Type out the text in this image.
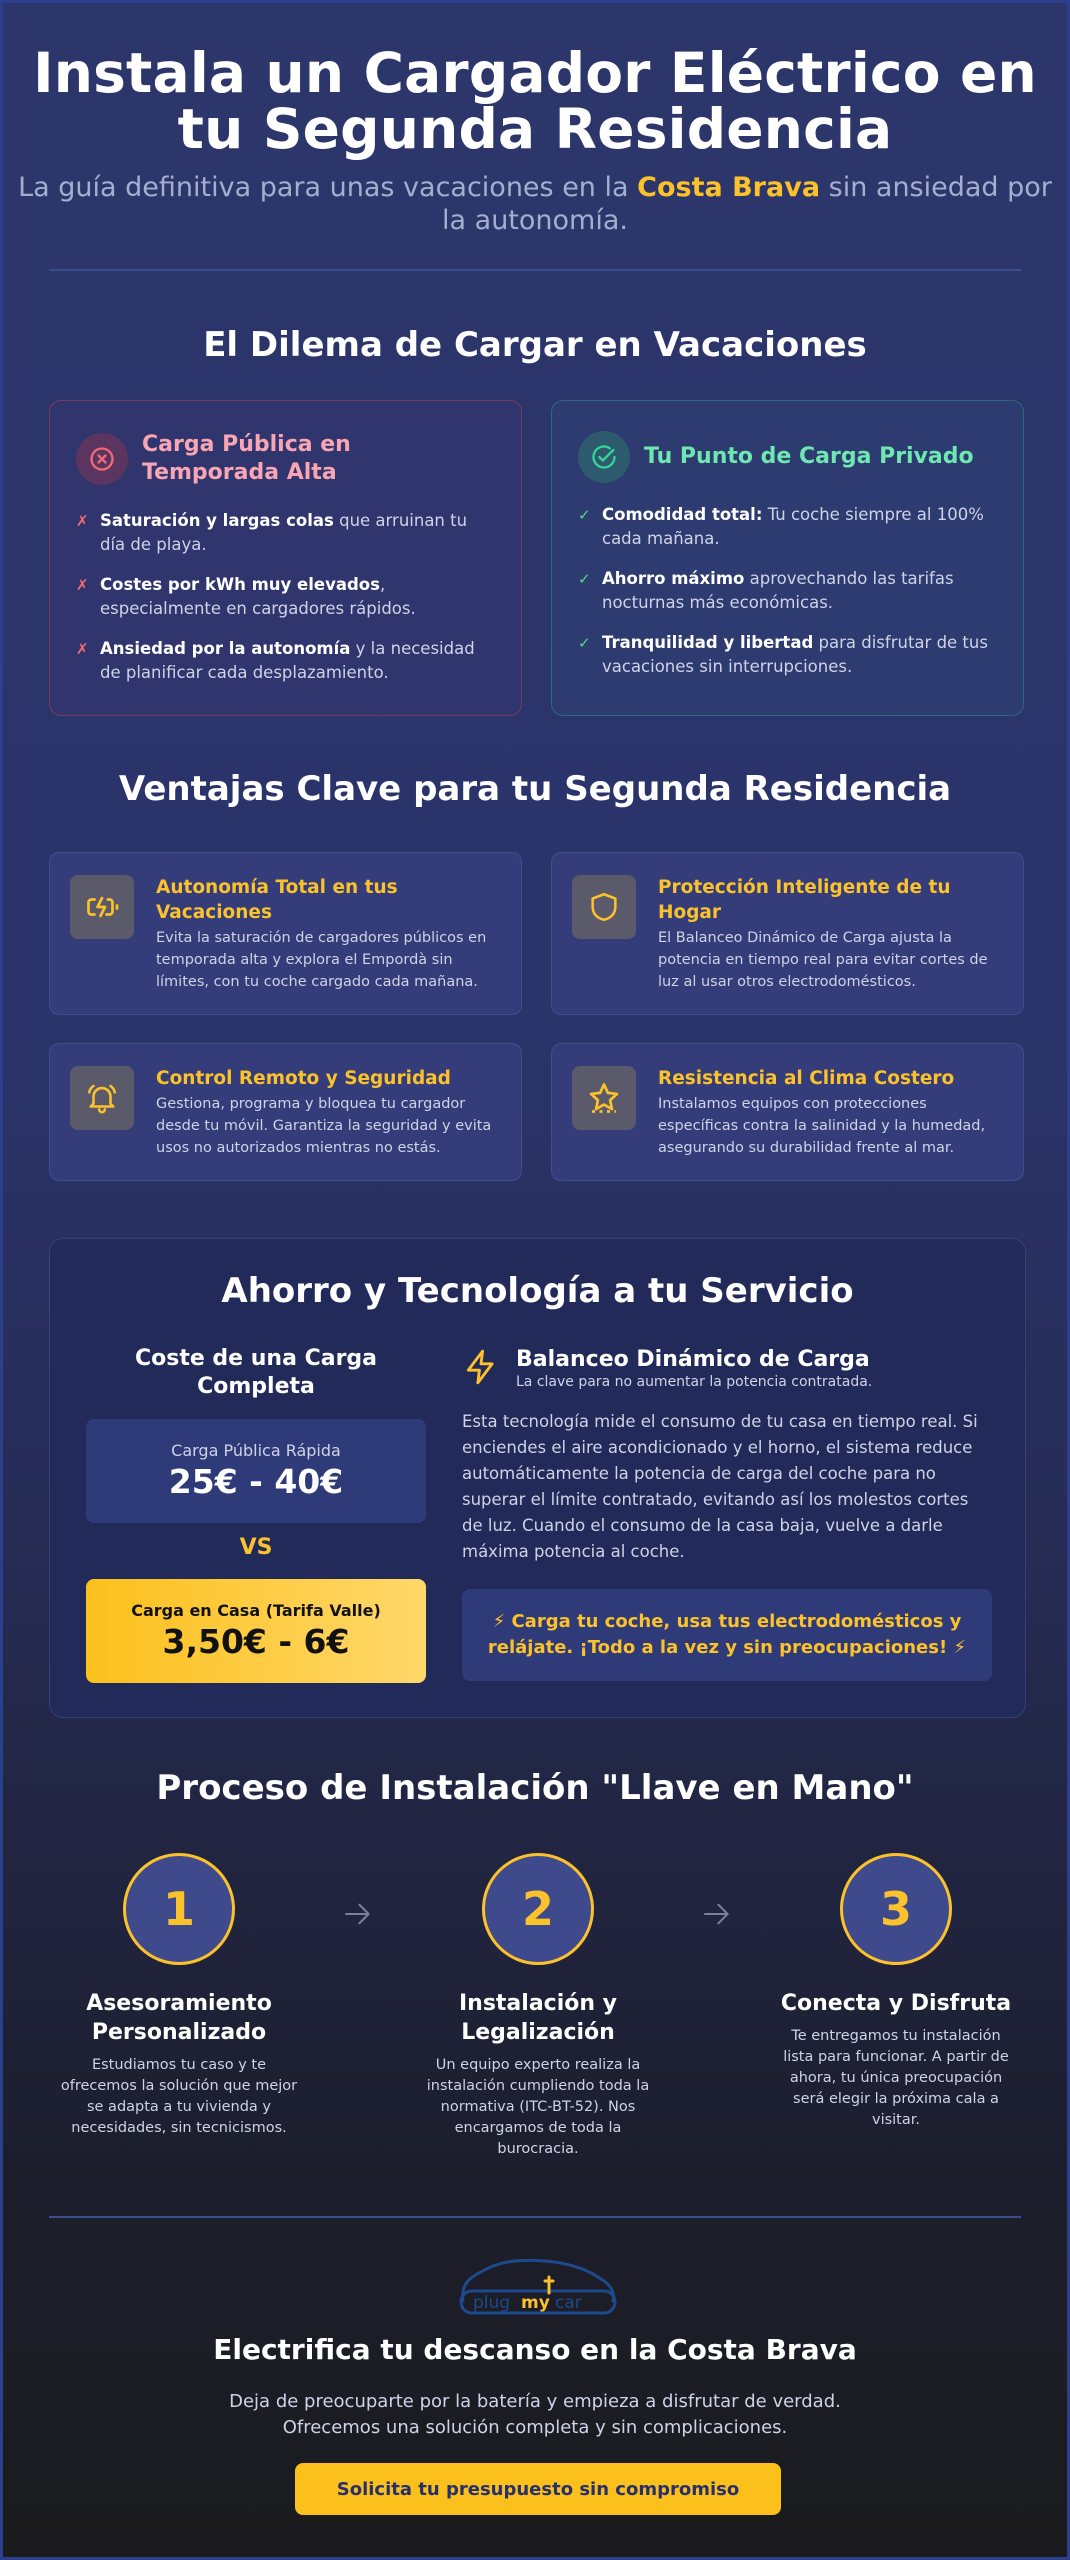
Instala un Cargador Eléctrico en
tu Segunda Residencia

La guía definitiva para unas vacaciones en la Costa Brava sin ansiedad por la autonomía.

El Dilema de Cargar en Vacaciones
Carga Pública en Temporada Alta
✗ Saturación y largas colas que arruinan tu día de playa.
✗ Costes por kWh muy elevados, especialmente en cargadores rápidos.
✗ Ansiedad por la autonomía y la necesidad de planificar cada desplazamiento.
Tu Punto de Carga Privado
✓ Comodidad total: Tu coche siempre al 100% cada mañana.
✓ Ahorro máximo aprovechando las tarifas nocturnas más económicas.
✓ Tranquilidad y libertad para disfrutar de tus vacaciones sin interrupciones.
Ventajas Clave para tu Segunda Residencia
Autonomía Total en tus Vacaciones
Evita la saturación de cargadores públicos en temporada alta y explora el Empordà sin límites, con tu coche cargado cada mañana.
Protección Inteligente de tu Hogar
El Balanceo Dinámico de Carga ajusta la potencia en tiempo real para evitar cortes de luz al usar otros electrodomésticos.
Control Remoto y Seguridad
Gestiona, programa y bloquea tu cargador desde tu móvil. Garantiza la seguridad y evita usos no autorizados mientras no estás.
Resistencia al Clima Costero
Instalamos equipos con protecciones específicas contra la salinidad y la humedad, asegurando su durabilidad frente al mar.
Ahorro y Tecnología a tu Servicio
Coste de una Carga Completa
Carga Pública Rápida
25€ - 40€
VS
Carga en Casa (Tarifa Valle)
3,50€ - 6€
Balanceo Dinámico de Carga
La clave para no aumentar la potencia contratada.

Esta tecnología mide el consumo de tu casa en tiempo real. Si enciendes el aire acondicionado y el horno, el sistema reduce automáticamente la potencia de carga del coche para no superar el límite contratado, evitando así los molestos cortes de luz. Cuando el consumo de la casa baja, vuelve a darle máxima potencia al coche.

⚡ Carga tu coche, usa tus electrodomésticos y relájate. ¡Todo a la vez y sin preocupaciones! ⚡
Proceso de Instalación "Llave en Mano"
1
Asesoramiento Personalizado
Estudiamos tu caso y te ofrecemos la solución que mejor se adapta a tu vivienda y necesidades, sin tecnicismos.
2
Instalación y Legalización
Un equipo experto realiza la instalación cumpliendo toda la normativa (ITC-BT-52). Nos encargamos de toda la burocracia.
3
Conecta y Disfruta
Te entregamos tu instalación lista para funcionar. A partir de ahora, tu única preocupación será elegir la próxima cala a visitar.
plug my car
Electrifica tu descanso en la Costa Brava

Deja de preocuparte por la batería y empieza a disfrutar de verdad.
Ofrecemos una solución completa y sin complicaciones.

Solicita tu presupuesto sin compromiso
